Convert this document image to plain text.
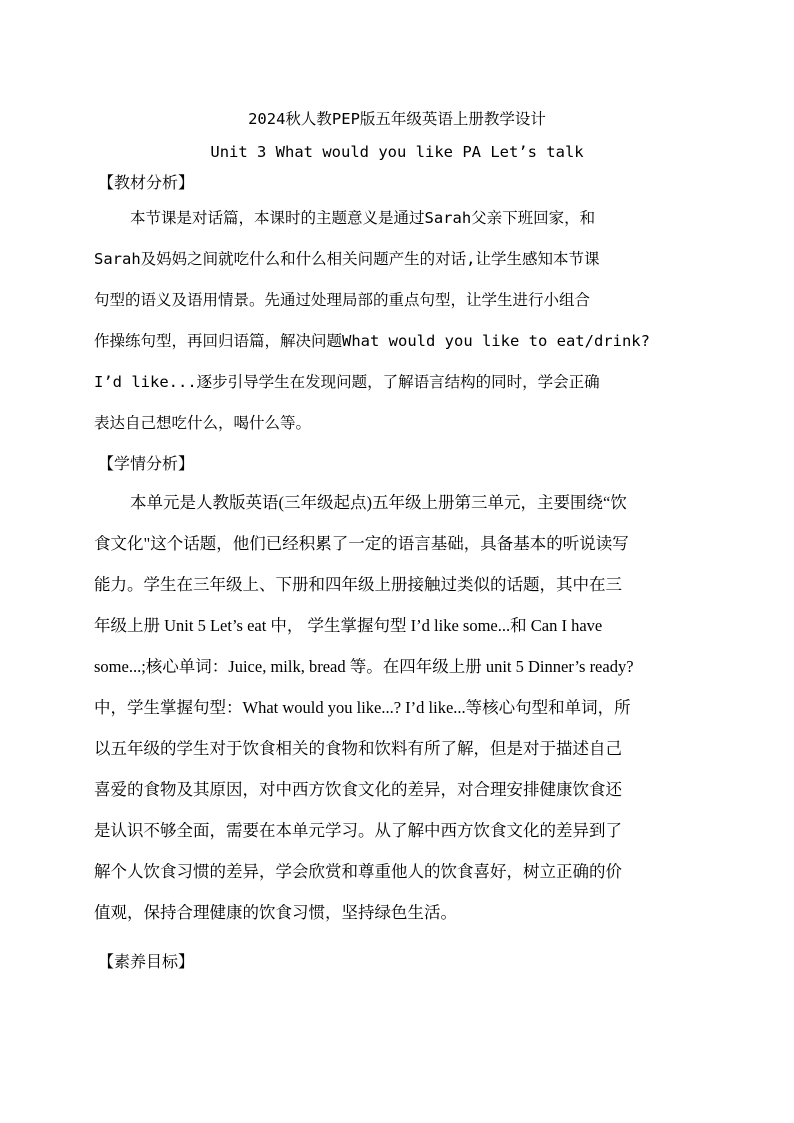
2024秋人教PEP版五年级英语上册教学设计
Unit 3 What would you like PA Let’s talk
【教材分析】
本节课是对话篇，本课时的主题意义是通过Sarah父亲下班回家，和
Sarah及妈妈之间就吃什么和什么相关问题产生的对话,让学生感知本节课
句型的语义及语用情景。先通过处理局部的重点句型，让学生进行小组合
作操练句型，再回归语篇，解决问题What would you like to eat/drink?
I’d like...逐步引导学生在发现问题，了解语言结构的同时，学会正确
表达自己想吃什么，喝什么等。
【学情分析】
本单元是人教版英语(三年级起点)五年级上册第三单元，主要围绕“饮
食文化"这个话题，他们已经积累了一定的语言基础，具备基本的听说读写
能力。学生在三年级上、下册和四年级上册接触过类似的话题，其中在三
年级上册 Unit 5 Let’s eat 中， 学生掌握句型 I’d like some...和 Can I have
some...;核心单词：Juice, milk, bread 等。在四年级上册 unit 5 Dinner’s ready?
中，学生掌握句型：What would you like...? I’d like...等核心句型和单词，所
以五年级的学生对于饮食相关的食物和饮料有所了解，但是对于描述自己
喜爱的食物及其原因，对中西方饮食文化的差异，对合理安排健康饮食还
是认识不够全面，需要在本单元学习。从了解中西方饮食文化的差异到了
解个人饮食习惯的差异，学会欣赏和尊重他人的饮食喜好，树立正确的价
值观，保持合理健康的饮食习惯，坚持绿色生活。
【素养目标】
